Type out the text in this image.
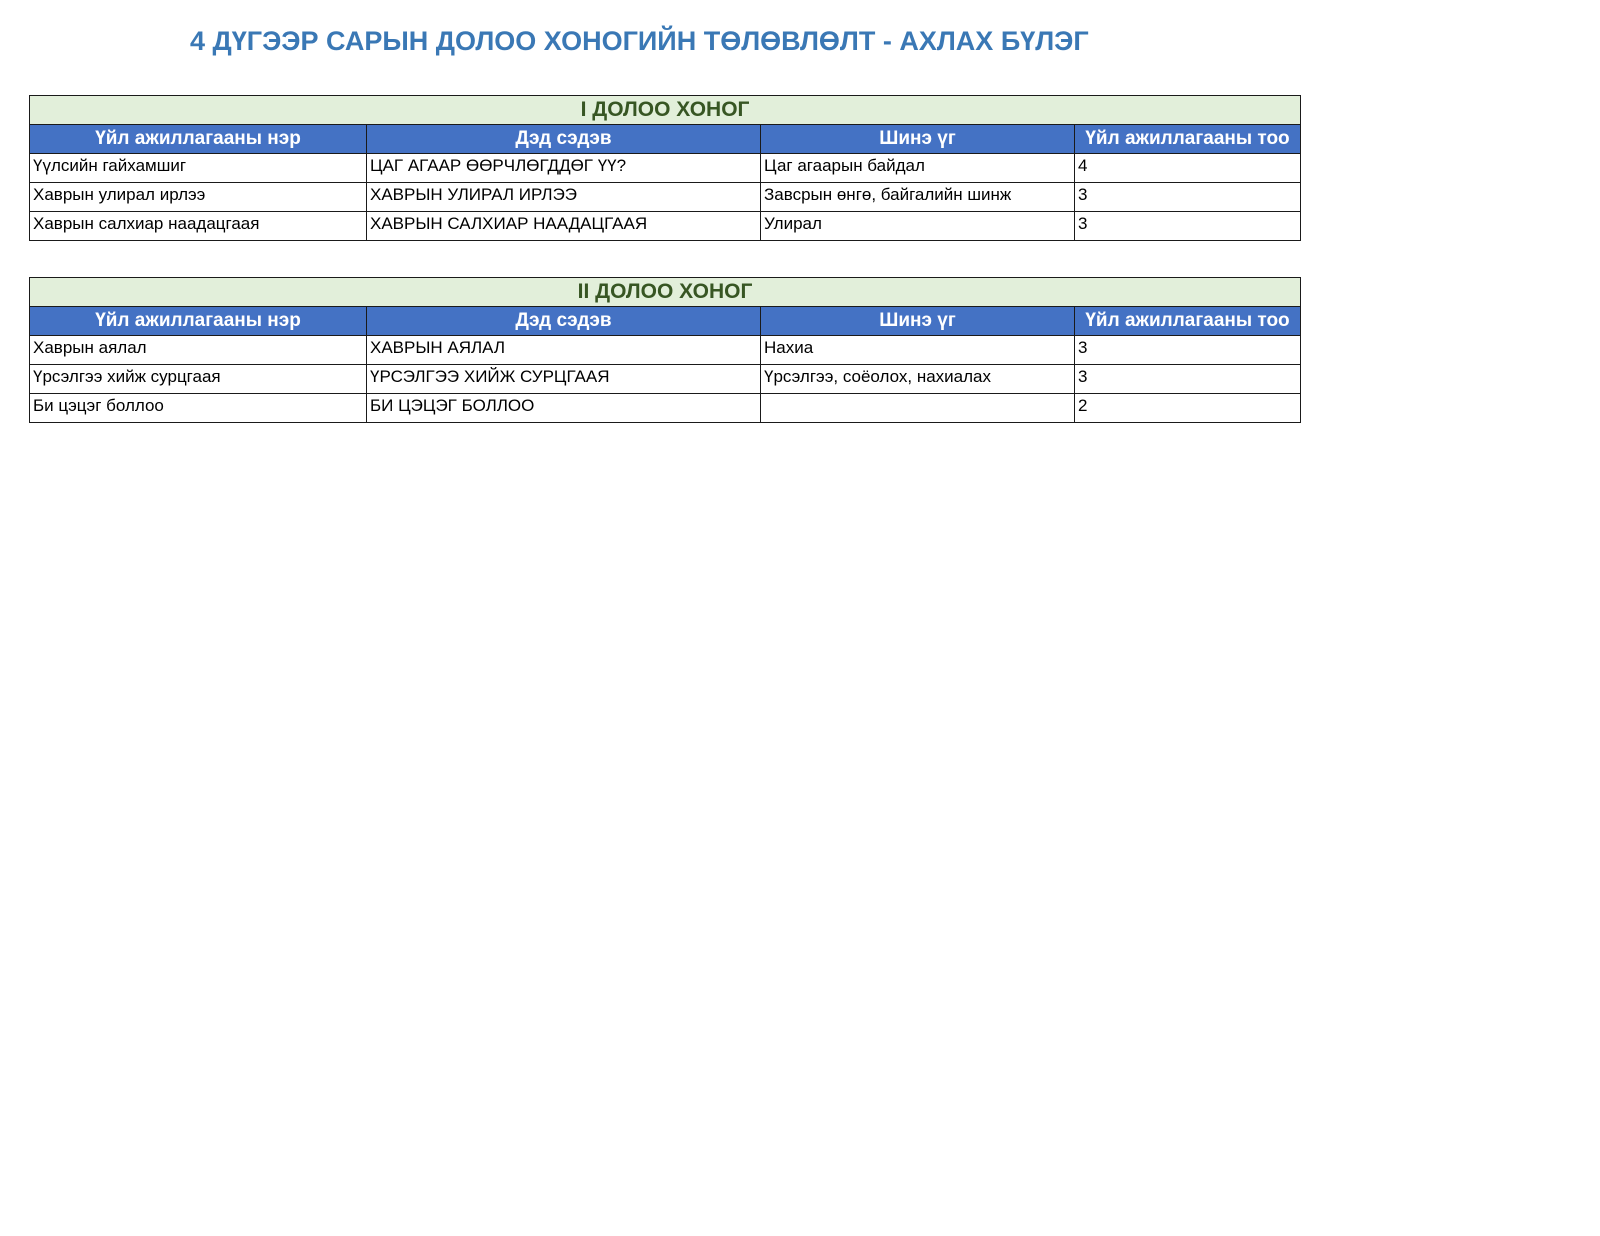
4 ДҮГЭЭР САРЫН ДОЛОО ХОНОГИЙН ТӨЛӨВЛӨЛТ - АХЛАХ БҮЛЭГ
I ДОЛОО ХОНОГ			
Үйл ажиллагааны нэр	Дэд сэдэв	Шинэ үг	Үйл ажиллагааны тоо
Үүлсийн гайхамшиг	ЦАГ АГААР ӨӨРЧЛӨГДДӨГ ҮҮ?	Цаг агаарын байдал	4
Хаврын улирал ирлээ	ХАВРЫН УЛИРАЛ ИРЛЭЭ	Завсрын өнгө, байгалийн шинж	3
Хаврын салхиар наадацгаая	ХАВРЫН САЛХИАР НААДАЦГААЯ	Улирал	3
II ДОЛОО ХОНОГ			
Үйл ажиллагааны нэр	Дэд сэдэв	Шинэ үг	Үйл ажиллагааны тоо
Хаврын аялал	ХАВРЫН АЯЛАЛ	Нахиа	3
Үрсэлгээ хийж сурцгаая	ҮРСЭЛГЭЭ ХИЙЖ СУРЦГААЯ	Үрсэлгээ, соёолох, нахиалах	3
Би цэцэг боллоо	БИ ЦЭЦЭГ БОЛЛОО		2
